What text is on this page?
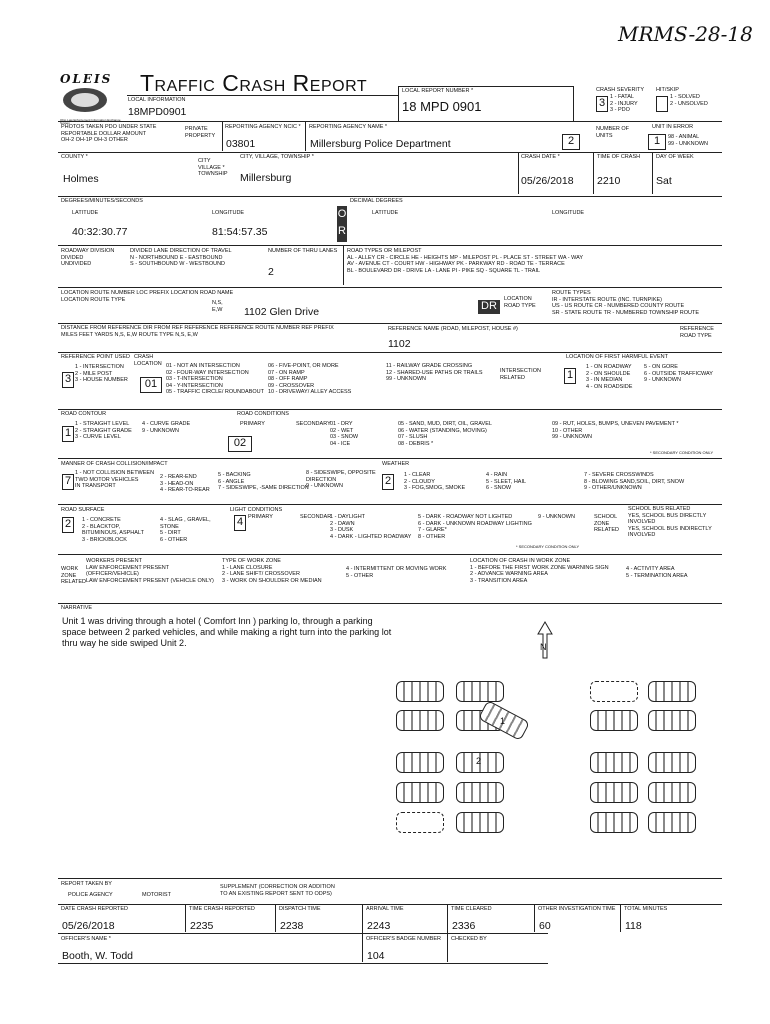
MRMS-28-18
OLEIS
Ohio Law Enforcement Information Exchange System
Traffic Crash Report
LOCAL INFORMATION
18MPD0901
LOCAL REPORT NUMBER *
18 MPD 0901
CRASH SEVERITY
3 1 - FATAL
2 - INJURY
3 - PDO
HIT/SKIP
1 - SOLVED
2 - UNSOLVED
PHOTOS TAKEN PDO UNDER STATE REPORTABLE DOLLAR AMOUNT
OH-2 OH-1P OH-3 OTHER
PRIVATE PROPERTY
REPORTING AGENCY NCIC *
03801
REPORTING AGENCY NAME *
Millersburg Police Department
NUMBER OF UNITS
2
UNIT IN ERROR
1	98 - ANIMAL
99 - UNKNOWN
COUNTY *
Holmes
CITY VILLAGE * TOWNSHIP
CITY, VILLAGE, TOWNSHIP *
Millersburg
CRASH DATE *
05/26/2018
TIME OF CRASH
2210
DAY OF WEEK
Sat
DEGREES/MINUTES/SECONDS
LATITUDE
40:32:30.77
LONGITUDE
81:54:57.35
O
R
DECIMAL DEGREES
LATITUDE	LONGITUDE
ROADWAY DIVISION
DIVIDED
UNDIVIDED
DIVIDED LANE DIRECTION OF TRAVEL
N - NORTHBOUND E - EASTBOUND
S - SOUTHBOUND W - WESTBOUND
NUMBER OF THRU LANES
2
ROAD TYPES OR MILEPOST
AL - ALLEY CR - CIRCLE HE - HEIGHTS MP - MILEPOST PL - PLACE ST - STREET WA - WAY
AV - AVENUE CT - COURT HW - HIGHWAY PK - PARKWAY RD - ROAD TE - TERRACE
BL - BOULEVARD DR - DRIVE LA - LANE PI - PIKE SQ - SQUARE TL - TRAIL
LOCATION ROUTE NUMBER LOC PREFIX LOCATION ROAD NAME
LOCATION ROUTE TYPE
N,S,
E,W 1102 Glen Drive	DR
LOCATION ROAD TYPE
ROUTE TYPES
IR - INTERSTATE ROUTE (INC. TURNPIKE)
US - US ROUTE CR - NUMBERED COUNTY ROUTE
SR - STATE ROUTE TR - NUMBERED TOWNSHIP ROUTE
DISTANCE FROM REFERENCE DIR FROM REF REFERENCE REFERENCE ROUTE NUMBER REF PREFIX
MILES FEET YARDS N,S, E,W ROUTE TYPE N,S, E,W
REFERENCE NAME (ROAD, MILEPOST, HOUSE #)
1102
REFERENCE ROAD TYPE
REFERENCE POINT USED
3
1 - INTERSECTION
2 - MILE POST
3 - HOUSE NUMBER
CRASH LOCATION
01
01 - NOT AN INTERSECTION
02 - FOUR-WAY INTERSECTION
03 - T-INTERSECTION
04 - Y-INTERSECTION
05 - TRAFFIC CIRCLE/ ROUNDABOUT
06 - FIVE-POINT, OR MORE
07 - ON RAMP
08 - OFF RAMP
09 - CROSSOVER
10 - DRIVEWAY/ ALLEY ACCESS
11 - RAILWAY GRADE CROSSING
12 - SHARED-USE PATHS OR TRAILS
99 - UNKNOWN
INTERSECTION RELATED
LOCATION OF FIRST HARMFUL EVENT
1
1 - ON ROADWAY
2 - ON SHOULDE
3 - IN MEDIAN
4 - ON ROADSIDE
5 - ON GORE
6 - OUTSIDE TRAFFICWAY
9 - UNKNOWN
ROAD CONTOUR
1
1 - STRAIGHT LEVEL
2 - STRAIGHT GRADE
3 - CURVE LEVEL
4 - CURVE GRADE
9 - UNKNOWN
ROAD CONDITIONS
PRIMARY	SECONDARY
02
01 - DRY
02 - WET
03 - SNOW
04 - ICE
05 - SAND, MUD, DIRT, OIL, GRAVEL
06 - WATER (STANDING, MOVING)
07 - SLUSH
08 - DEBRIS *
09 - RUT, HOLES, BUMPS, UNEVEN PAVEMENT *
10 - OTHER
99 - UNKNOWN
* SECONDARY CONDITION ONLY
MANNER OF CRASH COLLISION/IMPACT
7
1 - NOT COLLISION BETWEEN
TWO MOTOR VEHICLES
IN TRANSPORT
2 - REAR-END
3 - HEAD-ON
4 - REAR-TO-REAR
5 - BACKING
6 - ANGLE
7 - SIDESWIPE, -SAME DIRECTION
8 - SIDESWIPE, OPPOSITE
DIRECTION
9 - UNKNOWN
WEATHER
2	1 - CLEAR
2 - CLOUDY
3 - FOG,SMOG, SMOKE
4 - RAIN
5 - SLEET, HAIL
6 - SNOW
7 - SEVERE CROSSWINDS
8 - BLOWING SAND,SOIL, DIRT, SNOW
9 - OTHER/UNKNOWN
ROAD SURFACE
2	1 - CONCRETE
2 - BLACKTOP,
BITUMINOUS, ASPHALT
3 - BRICK/BLOCK
4 - SLAG , GRAVEL,
STONE
5 - DIRT
6 - OTHER
LIGHT CONDITIONS
PRIMARY	SECONDAR
4	1 - DAYLIGHT
2 - DAWN
3 - DUSK
4 - DARK - LIGHTED ROADWAY
5 - DARK - ROADWAY NOT LIGHTED
6 - DARK - UNKNOWN ROADWAY LIGHTING
7 - GLARE*
8 - OTHER
9 - UNKNOWN
* SECONDARY CONDITION ONLY
SCHOOL ZONE RELATED
SCHOOL BUS RELATED
YES, SCHOOL BUS DIRECTLY INVOLVED
YES, SCHOOL BUS INDIRECTLY INVOLVED
WORK ZONE RELATED
WORKERS PRESENT
LAW ENFORCEMENT PRESENT (OFFICER/VEHICLE)
LAW ENFORCEMENT PRESENT (VEHICLE ONLY)
TYPE OF WORK ZONE
1 - LANE CLOSURE
2 - LANE SHIFT/ CROSSOVER
3 - WORK ON SHOULDER OR MEDIAN
4 - INTERMITTENT OR MOVING WORK
5 - OTHER
LOCATION OF CRASH IN WORK ZONE
1 - BEFORE THE FIRST WORK ZONE WARNING SIGN
2 - ADVANCE WARNING AREA
3 - TRANSITION AREA
4 - ACTIVITY AREA
5 - TERMINATION AREA
NARRATIVE
Unit 1 was driving through a hotel ( Comfort Inn ) parking lo, through a parking space between 2 parked vehicles, and while making a right turn into the parking lot thru way he side swiped Unit 2.	N
1
2
REPORT TAKEN BY
POLICE AGENCY	MOTORIST
SUPPLEMENT (CORRECTION OR ADDITION TO AN EXISTING REPORT SENT TO ODPS)
DATE CRASH REPORTED
05/26/2018
TIME CRASH REPORTED
2235
DISPATCH TIME
2238
ARRIVAL TIME
2243
TIME CLEARED
2336
OTHER INVESTIGATION TIME
60
TOTAL MINUTES
118
OFFICER'S NAME *
Booth, W. Todd
OFFICER'S BADGE NUMBER
104
CHECKED BY
